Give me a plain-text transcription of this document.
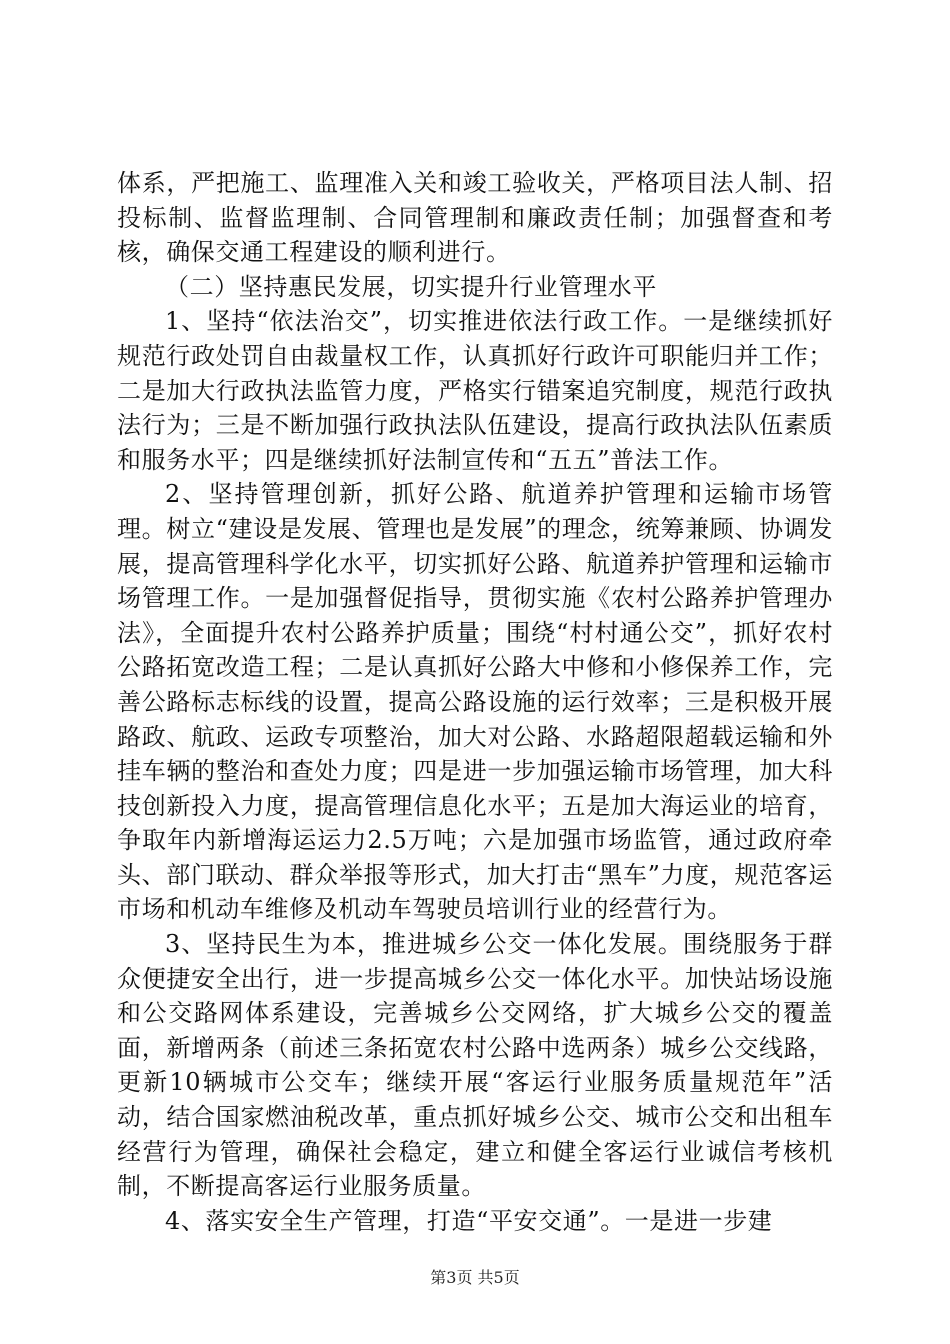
体系，严把施工、监理准入关和竣工验收关，严格项目法人制、招投标制、监督监理制、合同管理制和廉政责任制；加强督查和考核，确保交通工程建设的顺利进行。

（二）坚持惠民发展，切实提升行业管理水平

1、坚持“依法治交”，切实推进依法行政工作。一是继续抓好规范行政处罚自由裁量权工作，认真抓好行政许可职能归并工作；二是加大行政执法监管力度，严格实行错案追究制度，规范行政执法行为；三是不断加强行政执法队伍建设，提高行政执法队伍素质和服务水平；四是继续抓好法制宣传和“五五”普法工作。

2、坚持管理创新，抓好公路、航道养护管理和运输市场管理。树立“建设是发展、管理也是发展”的理念，统筹兼顾、协调发展，提高管理科学化水平，切实抓好公路、航道养护管理和运输市场管理工作。一是加强督促指导，贯彻实施《农村公路养护管理办法》，全面提升农村公路养护质量；围绕“村村通公交”，抓好农村公路拓宽改造工程；二是认真抓好公路大中修和小修保养工作，完善公路标志标线的设置，提高公路设施的运行效率；三是积极开展路政、航政、运政专项整治，加大对公路、水路超限超载运输和外挂车辆的整治和查处力度；四是进一步加强运输市场管理，加大科技创新投入力度，提高管理信息化水平；五是加大海运业的培育，争取年内新增海运运力2.5万吨；六是加强市场监管，通过政府牵头、部门联动、群众举报等形式，加大打击“黑车”力度，规范客运市场和机动车维修及机动车驾驶员培训行业的经营行为。

3、坚持民生为本，推进城乡公交一体化发展。围绕服务于群众便捷安全出行，进一步提高城乡公交一体化水平。加快站场设施和公交路网体系建设，完善城乡公交网络，扩大城乡公交的覆盖面，新增两条（前述三条拓宽农村公路中选两条）城乡公交线路，更新10辆城市公交车；继续开展“客运行业服务质量规范年”活动，结合国家燃油税改革，重点抓好城乡公交、城市公交和出租车经营行为管理，确保社会稳定，建立和健全客运行业诚信考核机制，不断提高客运行业服务质量。

4、落实安全生产管理，打造“平安交通”。一是进一步建

第3页 共5页
